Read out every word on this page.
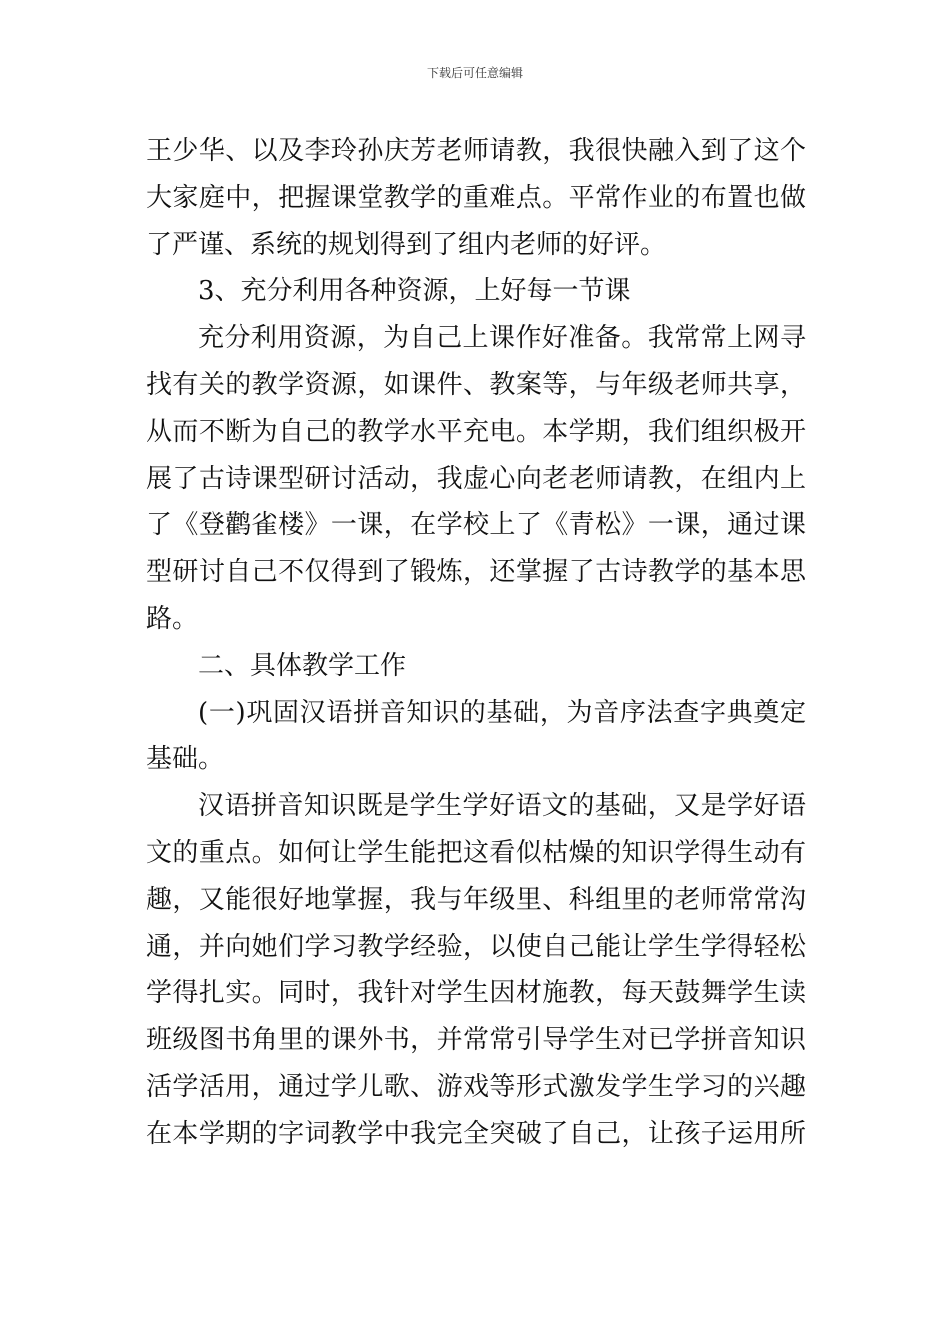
下载后可任意编辑
王少华、以及李玲孙庆芳老师请教，我很快融入到了这个
大家庭中，把握课堂教学的重难点。平常作业的布置也做
了严谨、系统的规划得到了组内老师的好评。
3、充分利用各种资源，上好每一节课
充分利用资源，为自己上课作好准备。我常常上网寻
找有关的教学资源，如课件、教案等，与年级老师共享，
从而不断为自己的教学水平充电。本学期，我们组织极开
展了古诗课型研讨活动，我虚心向老老师请教，在组内上
了《登鹳雀楼》一课，在学校上了《青松》一课，通过课
型研讨自己不仅得到了锻炼，还掌握了古诗教学的基本思
路。
二、具体教学工作
(一)巩固汉语拼音知识的基础，为音序法查字典奠定
基础。
汉语拼音知识既是学生学好语文的基础，又是学好语
文的重点。如何让学生能把这看似枯燥的知识学得生动有
趣，又能很好地掌握，我与年级里、科组里的老师常常沟
通，并向她们学习教学经验，以使自己能让学生学得轻松
学得扎实。同时，我针对学生因材施教，每天鼓舞学生读
班级图书角里的课外书，并常常引导学生对已学拼音知识
活学活用，通过学儿歌、游戏等形式激发学生学习的兴趣
在本学期的字词教学中我完全突破了自己，让孩子运用所
